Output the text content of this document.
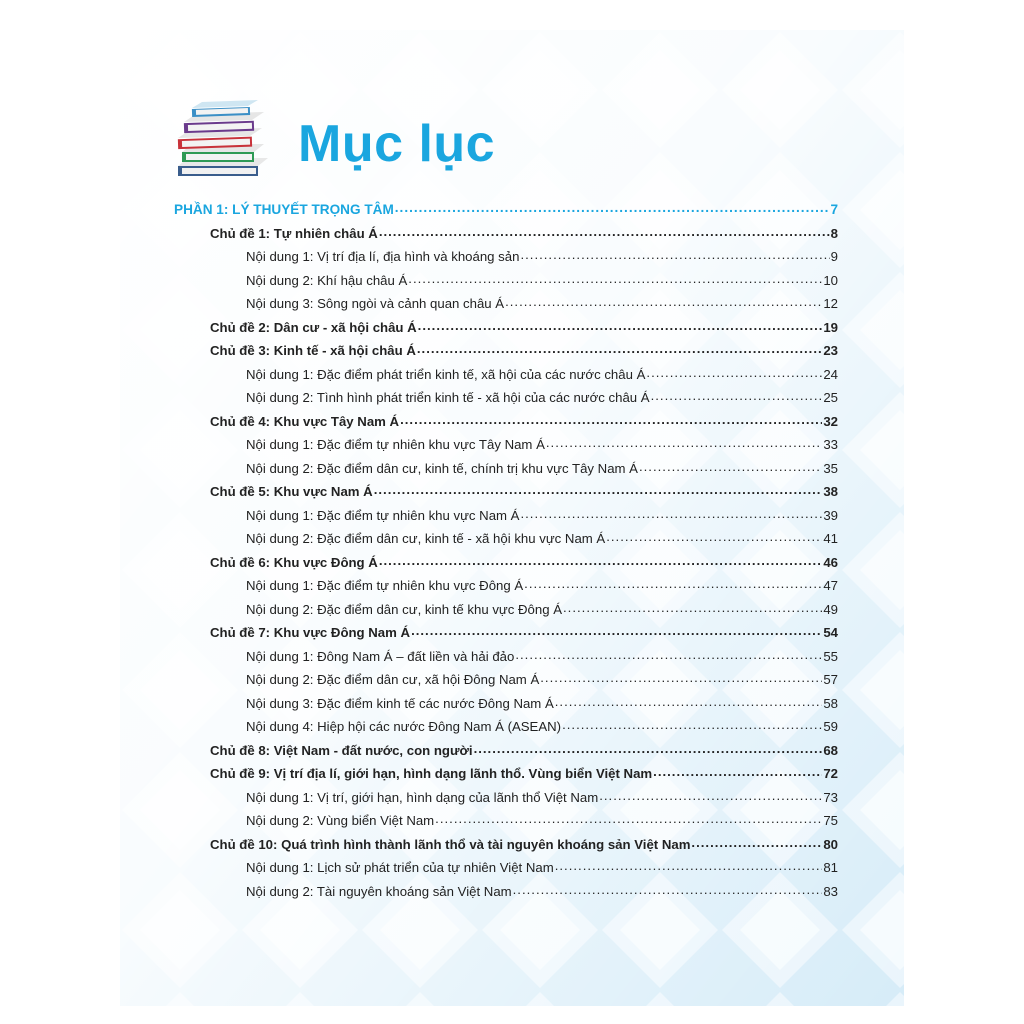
Mục lục
PHẦN 1: LÝ THUYẾT TRỌNG TÂM .....	7
Chủ đề 1: Tự nhiên châu Á .....	8
Nội dung 1: Vị trí địa lí, địa hình và khoáng sản .....	9
Nội dung 2: Khí hậu châu Á .....	10
Nội dung 3: Sông ngòi và cảnh quan châu Á .....	12
Chủ đề 2: Dân cư - xã hội châu Á .....	19
Chủ đề 3: Kinh tế - xã hội châu Á .....	23
Nội dung 1: Đặc điểm phát triển kinh tế, xã hội của các nước châu Á .....	24
Nội dung 2: Tình hình phát triển kinh tế - xã hội của các nước châu Á .....	25
Chủ đề 4: Khu vực Tây Nam Á .....	32
Nội dung 1: Đặc điểm tự nhiên khu vực Tây Nam Á .....	33
Nội dung 2: Đặc điểm dân cư, kinh tế, chính trị khu vực Tây Nam Á .....	35
Chủ đề 5: Khu vực Nam Á .....	38
Nội dung 1: Đặc điểm tự nhiên khu vực Nam Á .....	39
Nội dung 2: Đặc điểm dân cư, kinh tế - xã hội khu vực Nam Á .....	41
Chủ đề 6: Khu vực Đông Á .....	46
Nội dung 1: Đặc điểm tự nhiên khu vực Đông Á .....	47
Nội dung 2: Đặc điểm dân cư, kinh tế khu vực Đông Á .....	49
Chủ đề 7: Khu vực Đông Nam Á .....	54
Nội dung 1: Đông Nam Á – đất liền và hải đảo .....	55
Nội dung 2: Đặc điểm dân cư, xã hội Đông Nam Á .....	57
Nội dung 3: Đặc điểm kinh tế các nước Đông Nam Á .....	58
Nội dung 4: Hiệp hội các nước Đông Nam Á (ASEAN) .....	59
Chủ đề 8: Việt Nam - đất nước, con người .....	68
Chủ đề 9: Vị trí địa lí, giới hạn, hình dạng lãnh thổ. Vùng biển Việt Nam .....	72
Nội dung 1: Vị trí, giới hạn, hình dạng của lãnh thổ Việt Nam .....	73
Nội dung 2: Vùng biển Việt Nam .....	75
Chủ đề 10: Quá trình hình thành lãnh thổ và tài nguyên khoáng sản Việt Nam .....	80
Nội dung 1: Lịch sử phát triển của tự nhiên Việt Nam .....	81
Nội dung 2: Tài nguyên khoáng sản Việt Nam .....	83
